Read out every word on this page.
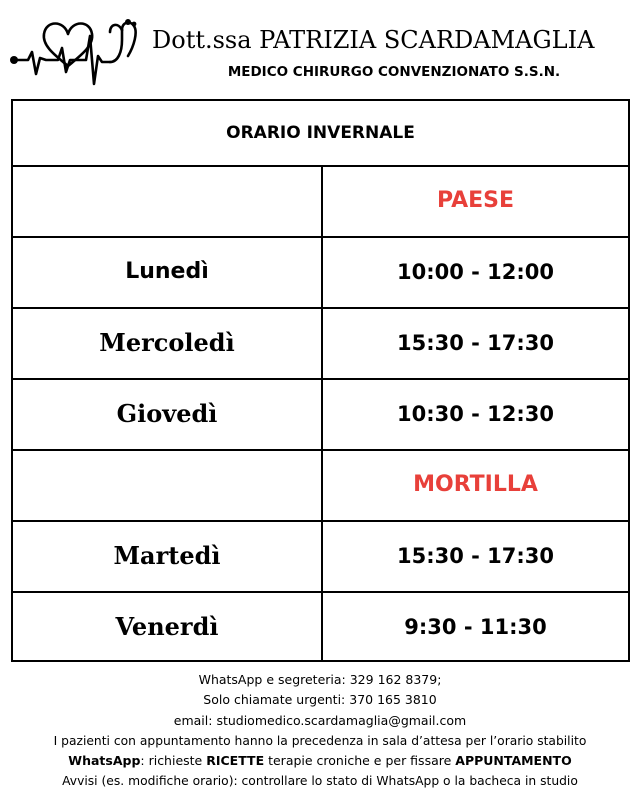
Dott.ssa PATRIZIA SCARDAMAGLIA
MEDICO CHIRURGO CONVENZIONATO S.S.N.
ORARIO INVERNALE
PAESE
Lunedì	10:00 - 12:00
Mercoledì	15:30 - 17:30
Giovedì	10:30 - 12:30
MORTILLA
Martedì	15:30 - 17:30
Venerdì	9:30 - 11:30
WhatsApp e segreteria: 329 162 8379;
Solo chiamate urgenti: 370 165 3810
email: studiomedico.scardamaglia@gmail.com
I pazienti con appuntamento hanno la precedenza in sala d’attesa per l’orario stabilito
WhatsApp: richieste RICETTE terapie croniche e per fissare APPUNTAMENTO
Avvisi (es. modifiche orario): controllare lo stato di WhatsApp o la bacheca in studio
